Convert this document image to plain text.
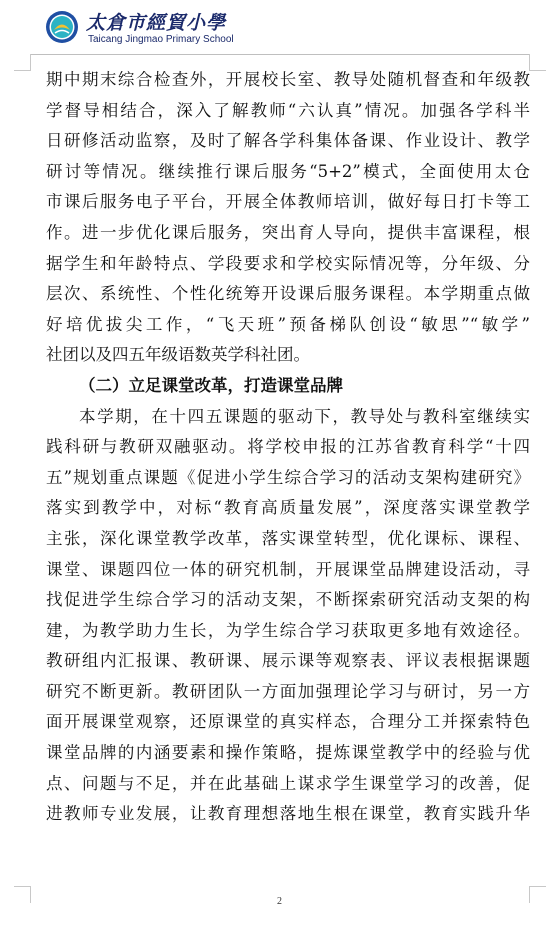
太倉市經貿小學
Taicang Jingmao Primary School
期中期末综合检查外，开展校长室、教导处随机督查和年级教
学督导相结合，深入了解教师“六认真”情况。加强各学科半
日研修活动监察，及时了解各学科集体备课、作业设计、教学
研讨等情况。继续推行课后服务“5+2”模式，全面使用太仓
市课后服务电子平台，开展全体教师培训，做好每日打卡等工
作。进一步优化课后服务，突出育人导向，提供丰富课程，根
据学生和年龄特点、学段要求和学校实际情况等，分年级、分
层次、系统性、个性化统筹开设课后服务课程。本学期重点做
好培优拔尖工作，“飞天班”预备梯队创设“敏思”“敏学”
社团以及四五年级语数英学科社团。
（二）立足课堂改革，打造课堂品牌
本学期，在十四五课题的驱动下，教导处与教科室继续实
践科研与教研双融驱动。将学校申报的江苏省教育科学“十四
五”规划重点课题《促进小学生综合学习的活动支架构建研究》
落实到教学中，对标“教育高质量发展”，深度落实课堂教学
主张，深化课堂教学改革，落实课堂转型，优化课标、课程、
课堂、课题四位一体的研究机制，开展课堂品牌建设活动，寻
找促进学生综合学习的活动支架，不断探索研究活动支架的构
建，为教学助力生长，为学生综合学习获取更多地有效途径。
教研组内汇报课、教研课、展示课等观察表、评议表根据课题
研究不断更新。教研团队一方面加强理论学习与研讨，另一方
面开展课堂观察，还原课堂的真实样态，合理分工并探索特色
课堂品牌的内涵要素和操作策略，提炼课堂教学中的经验与优
点、问题与不足，并在此基础上谋求学生课堂学习的改善，促
进教师专业发展，让教育理想落地生根在课堂，教育实践升华
2
